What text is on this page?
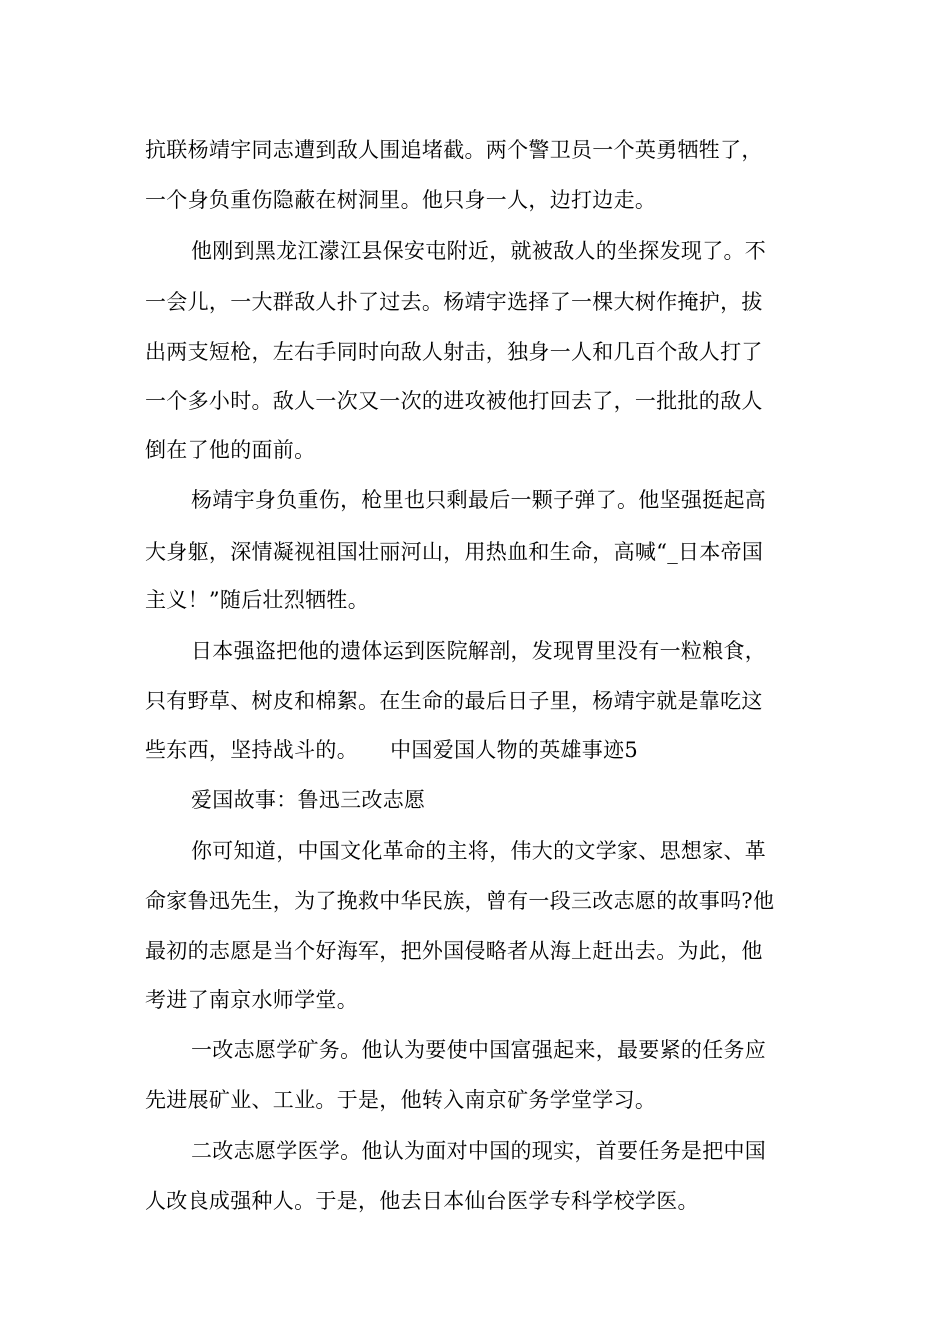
抗联杨靖宇同志遭到敌人围追堵截。两个警卫员一个英勇牺牲了，
一个身负重伤隐蔽在树洞里。他只身一人，边打边走。
他刚到黑龙江濛江县保安屯附近，就被敌人的坐探发现了。不
一会儿，一大群敌人扑了过去。杨靖宇选择了一棵大树作掩护，拔
出两支短枪，左右手同时向敌人射击，独身一人和几百个敌人打了
一个多小时。敌人一次又一次的进攻被他打回去了，一批批的敌人
倒在了他的面前。
杨靖宇身负重伤，枪里也只剩最后一颗子弹了。他坚强挺起高
大身躯，深情凝视祖国壮丽河山，用热血和生命，高喊“_日本帝国
主义！”随后壮烈牺牲。
日本强盗把他的遗体运到医院解剖，发现胃里没有一粒粮食，
只有野草、树皮和棉絮。在生命的最后日子里，杨靖宇就是靠吃这
些东西，坚持战斗的。　　中国爱国人物的英雄事迹5
爱国故事：鲁迅三改志愿
你可知道，中国文化革命的主将，伟大的文学家、思想家、革
命家鲁迅先生，为了挽救中华民族，曾有一段三改志愿的故事吗?他
最初的志愿是当个好海军，把外国侵略者从海上赶出去。为此，他
考进了南京水师学堂。
一改志愿学矿务。他认为要使中国富强起来，最要紧的任务应
先进展矿业、工业。于是，他转入南京矿务学堂学习。
二改志愿学医学。他认为面对中国的现实，首要任务是把中国
人改良成强种人。于是，他去日本仙台医学专科学校学医。
